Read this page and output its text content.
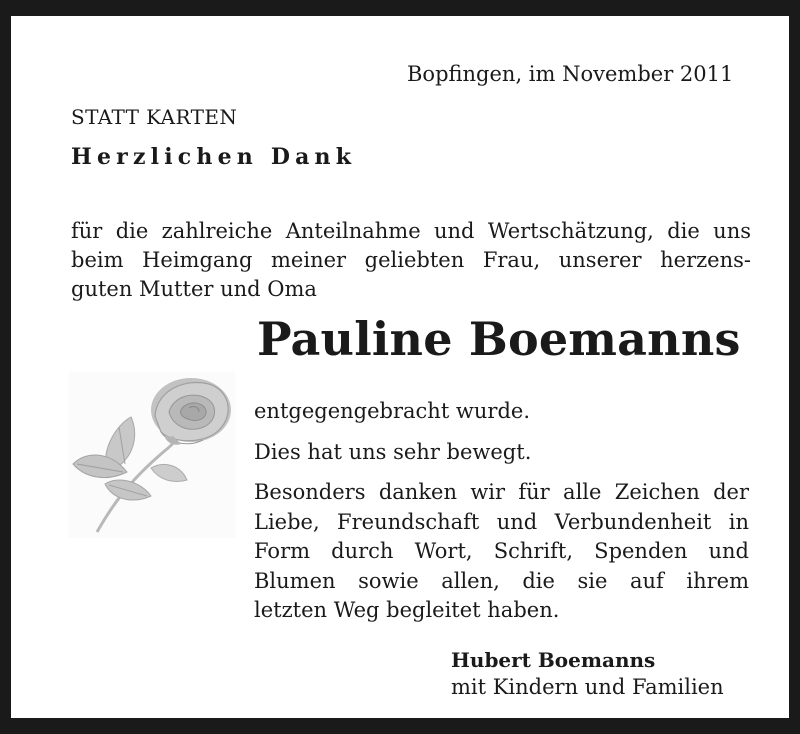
Bopfingen, im November 2011
STATT KARTEN
Herzlichen Dank
für die zahlreiche Anteilnahme und Wertschätzung, die uns
beim Heimgang meiner geliebten Frau, unserer herzens-
guten Mutter und Oma
Pauline Boemanns
entgegengebracht wurde.
Dies hat uns sehr bewegt.
Besonders danken wir für alle Zeichen der
Liebe, Freundschaft und Verbundenheit in
Form durch Wort, Schrift, Spenden und
Blumen sowie allen, die sie auf ihrem
letzten Weg begleitet haben.
Hubert Boemanns
mit Kindern und Familien
